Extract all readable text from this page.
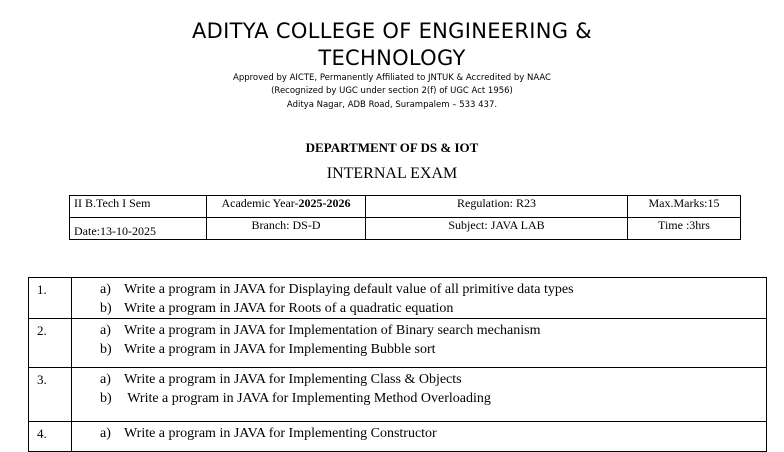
ADITYA COLLEGE OF ENGINEERING &
TECHNOLOGY
Approved by AICTE, Permanently Affiliated to JNTUK & Accredited by NAAC
(Recognized by UGC under section 2(f) of UGC Act 1956)
Aditya Nagar, ADB Road, Surampalem – 533 437.
DEPARTMENT OF DS & IOT
INTERNAL EXAM
II B.Tech I Sem	Academic Year-2025-2026	Regulation: R23	Max.Marks:15
Date:13-10-2025	Branch: DS-D	Subject: JAVA LAB	Time :3hrs
1.	a) Write a program in JAVA for Displaying default value of all primitive data types
b) Write a program in JAVA for Roots of a quadratic equation

2.	a) Write a program in JAVA for Implementation of Binary search mechanism
b) Write a program in JAVA for Implementing Bubble sort

3.	a) Write a program in JAVA for Implementing Class & Objects
b) Write a program in JAVA for Implementing Method Overloading

4.	a) Write a program in JAVA for Implementing Constructor
